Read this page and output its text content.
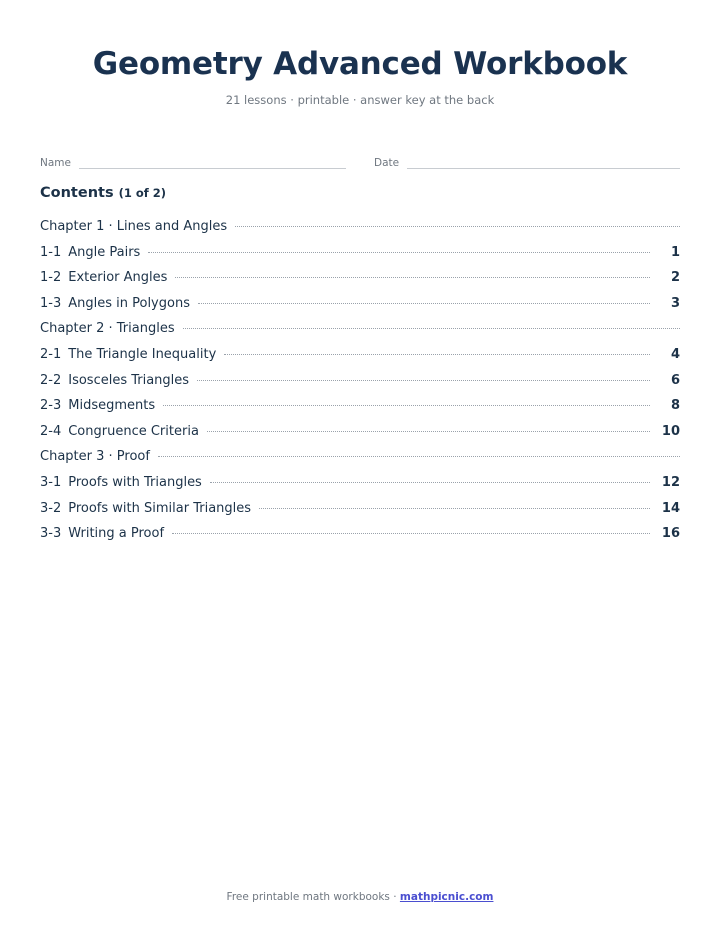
Geometry Advanced Workbook
21 lessons · printable · answer key at the back
Name	Date
Contents (1 of 2)
Chapter 1 · Lines and Angles
1-1 Angle Pairs	1
1-2 Exterior Angles	2
1-3 Angles in Polygons	3
Chapter 2 · Triangles
2-1 The Triangle Inequality	4
2-2 Isosceles Triangles	6
2-3 Midsegments	8
2-4 Congruence Criteria	10
Chapter 3 · Proof
3-1 Proofs with Triangles	12
3-2 Proofs with Similar Triangles	14
3-3 Writing a Proof	16
Free printable math workbooks · mathpicnic.com
